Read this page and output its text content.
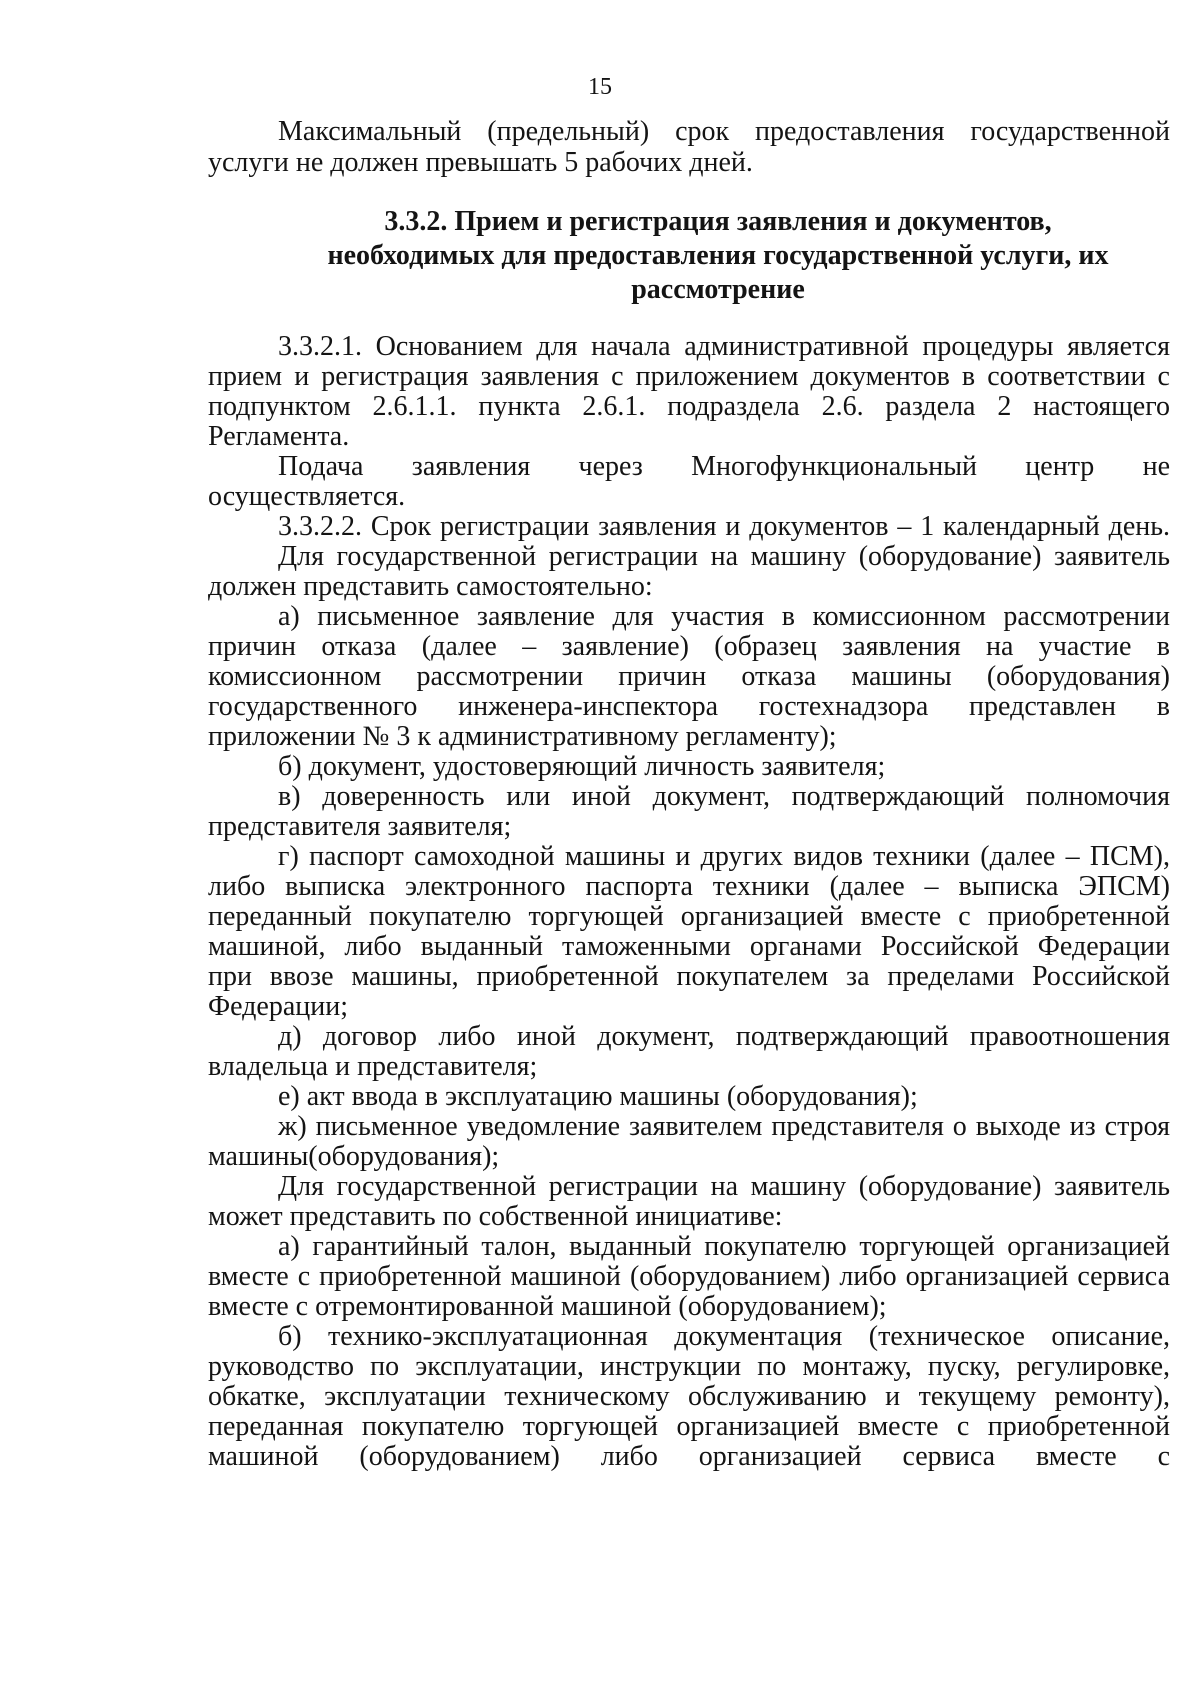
15
Максимальный (предельный) срок предоставления государственной
услуги не должен превышать 5 рабочих дней.
3.3.2. Прием и регистрация заявления и документов,
необходимых для предоставления государственной услуги, их
рассмотрение
3.3.2.1. Основанием для начала административной процедуры является
прием и регистрация заявления с приложением документов в соответствии с
подпунктом 2.6.1.1. пункта 2.6.1. подраздела 2.6. раздела 2 настоящего
Регламента.
Подача заявления через Многофункциональный центр не
осуществляется.
3.3.2.2. Срок регистрации заявления и документов – 1 календарный день.
Для государственной регистрации на машину (оборудование) заявитель
должен представить самостоятельно:
а) письменное заявление для участия в комиссионном рассмотрении
причин отказа (далее – заявление) (образец заявления на участие в
комиссионном рассмотрении причин отказа машины (оборудования)
государственного инженера-инспектора гостехнадзора представлен в
приложении № 3 к административному регламенту);
б) документ, удостоверяющий личность заявителя;
в) доверенность или иной документ, подтверждающий полномочия
представителя заявителя;
г) паспорт самоходной машины и других видов техники (далее – ПСМ),
либо выписка электронного паспорта техники (далее – выписка ЭПСМ)
переданный покупателю торгующей организацией вместе с приобретенной
машиной, либо выданный таможенными органами Российской Федерации
при ввозе машины, приобретенной покупателем за пределами Российской
Федерации;
д) договор либо иной документ, подтверждающий правоотношения
владельца и представителя;
е) акт ввода в эксплуатацию машины (оборудования);
ж) письменное уведомление заявителем представителя о выходе из строя
машины(оборудования);
Для государственной регистрации на машину (оборудование) заявитель
может представить по собственной инициативе:
а) гарантийный талон, выданный покупателю торгующей организацией
вместе с приобретенной машиной (оборудованием) либо организацией сервиса
вместе с отремонтированной машиной (оборудованием);
б) технико-эксплуатационная документация (техническое описание,
руководство по эксплуатации, инструкции по монтажу, пуску, регулировке,
обкатке, эксплуатации техническому обслуживанию и текущему ремонту),
переданная покупателю торгующей организацией вместе с приобретенной
машиной (оборудованием) либо организацией сервиса вместе с
